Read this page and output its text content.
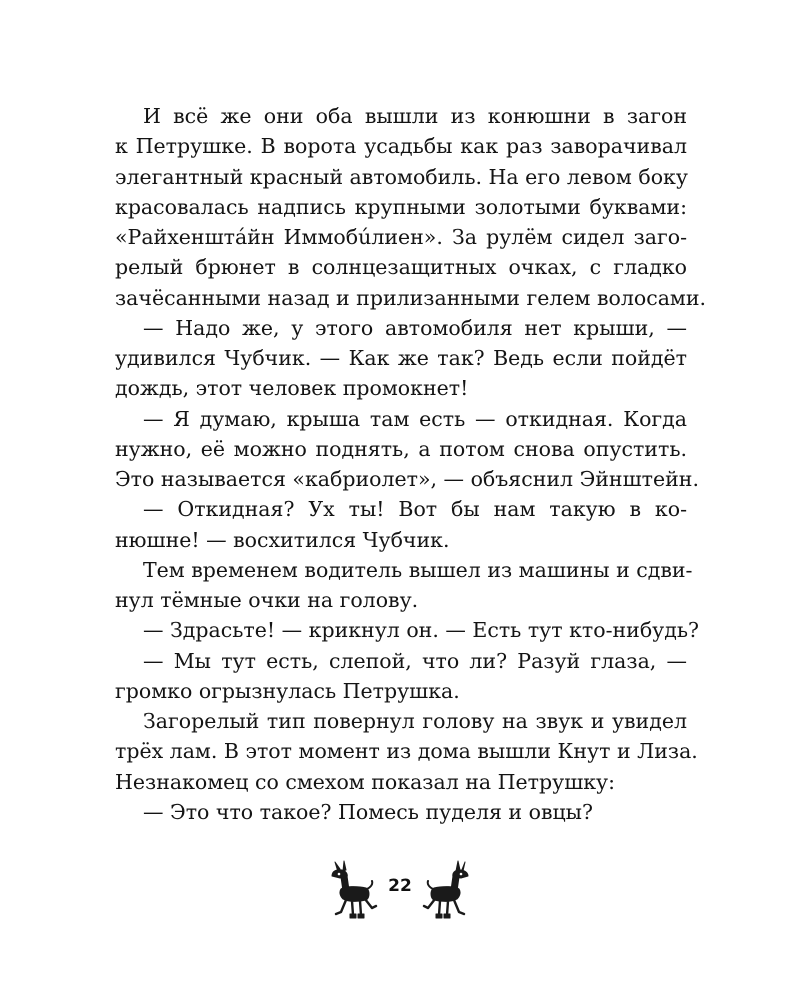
И всё же они оба вышли из конюшни в загон
к Петрушке. В ворота усадьбы как раз заворачивал
элегантный красный автомобиль. На его левом боку
красовалась надпись крупными золотыми буквами:
«Райхенштáйн Иммобúлиен». За рулём сидел заго-
релый брюнет в солнцезащитных очках, с гладко
зачёсанными назад и прилизанными гелем волосами.
— Надо же, у этого автомобиля нет крыши, —
удивился Чубчик. — Как же так? Ведь если пойдёт
дождь, этот человек промокнет!
— Я думаю, крыша там есть — откидная. Когда
нужно, её можно поднять, а потом снова опустить.
Это называется «кабриолет», — объяснил Эйнштейн.
— Откидная? Ух ты! Вот бы нам такую в ко-
нюшне! — восхитился Чубчик.
Тем временем водитель вышел из машины и сдви-
нул тёмные очки на голову.
— Здрасьте! — крикнул он. — Есть тут кто-нибудь?
— Мы тут есть, слепой, что ли? Разуй глаза, —
громко огрызнулась Петрушка.
Загорелый тип повернул голову на звук и увидел
трёх лам. В этот момент из дома вышли Кнут и Лиза.
Незнакомец со смехом показал на Петрушку:
— Это что такое? Помесь пуделя и овцы?
22
